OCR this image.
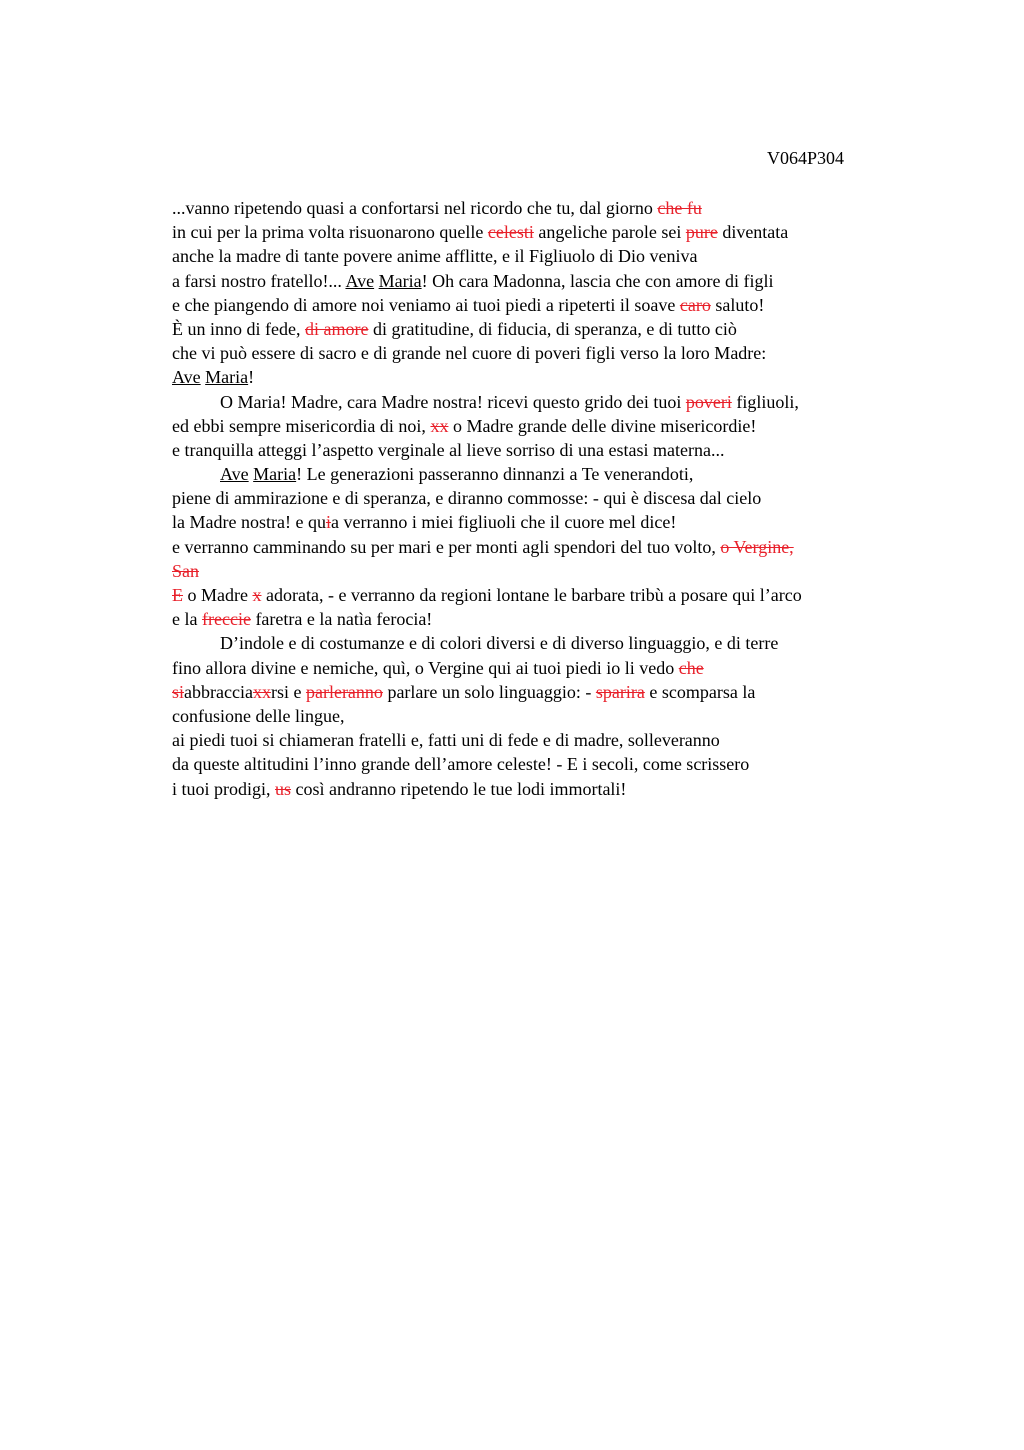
V064P304
...vanno ripetendo quasi a confortarsi nel ricordo che tu, dal giorno che fu
in cui per la prima volta risuonarono quelle celesti angeliche parole sei pure diventata
anche la madre di tante povere anime afflitte, e il Figliuolo di Dio veniva
a farsi nostro fratello!... Ave Maria! Oh cara Madonna, lascia che con amore di figli
e che piangendo di amore noi veniamo ai tuoi piedi a ripeterti il soave caro saluto!
È un inno di fede, di amore di gratitudine, di fiducia, di speranza, e di tutto ciò
che vi può essere di sacro e di grande nel cuore di poveri figli verso la loro Madre:
Ave Maria!
O Maria! Madre, cara Madre nostra! ricevi questo grido dei tuoi poveri figliuoli,
ed ebbi sempre misericordia di noi, xx o Madre grande delle divine misericordie!
e tranquilla atteggi l’aspetto verginale al lieve sorriso di una estasi materna...
Ave Maria! Le generazioni passeranno dinnanzi a Te venerandoti,
piene di ammirazione e di speranza, e diranno commosse: - qui è discesa dal cielo
la Madre nostra! e quia verranno i miei figliuoli che il cuore mel dice!
e verranno camminando su per mari e per monti agli spendori del tuo volto, o Vergine,
San
E o Madre x adorata, - e verranno da regioni lontane le barbare tribù a posare qui l’arco
e la freccie faretra e la natìa ferocia!
D’indole e di costumanze e di colori diversi e di diverso linguaggio, e di terre
fino allora divine e nemiche, quì, o Vergine qui ai tuoi piedi io li vedo che
siabbracciaxxrsi e parleranno parlare un solo linguaggio: - sparira e scomparsa la
confusione delle lingue,
ai piedi tuoi si chiameran fratelli e, fatti uni di fede e di madre, solleveranno
da queste altitudini l’inno grande dell’amore celeste! - E i secoli, come scrissero
i tuoi prodigi, us così andranno ripetendo le tue lodi immortali!
